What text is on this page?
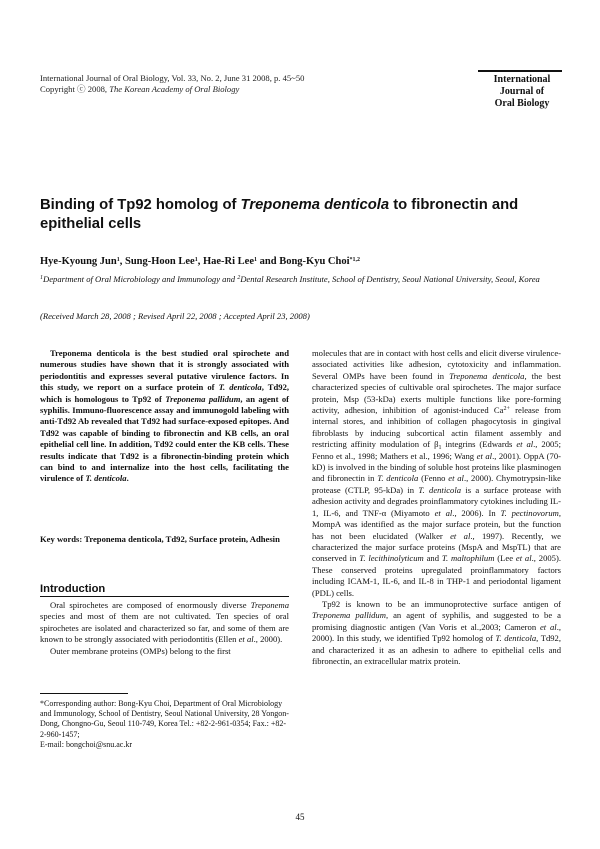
International Journal of Oral Biology, Vol. 33, No. 2, June 31 2008, p. 45~50
Copyright ⓒ 2008, The Korean Academy of Oral Biology
International
Journal of
Oral Biology
Binding of Tp92 homolog of Treponema denticola to fibronectin and epithelial cells
Hye-Kyoung Jun$^1$, Sung-Hoon Lee$^1$, Hae-Ri Lee$^1$ and Bong-Kyu Choi$^{*1,2}$
$^1$Department of Oral Microbiology and Immunology and $^2$Dental Research Institute, School of Dentistry, Seoul National University, Seoul, Korea
(Received March 28, 2008 ; Revised April 22, 2008 ; Accepted April 23, 2008)
Treponema denticola is the best studied oral spirochete and numerous studies have shown that it is strongly associated with periodontitis and expresses several putative virulence factors. In this study, we report on a surface protein of T. denticola, Td92, which is homologous to Tp92 of Treponema pallidum, an agent of syphilis. Immuno-fluorescence assay and immunogold labeling with anti-Td92 Ab revealed that Td92 had surface-exposed epitopes. And Td92 was capable of binding to fibronectin and KB cells, an oral epithelial cell line. In addition, Td92 could enter the KB cells. These results indicate that Td92 is a fibronectin-binding protein which can bind to and internalize into the host cells, facilitating the virulence of T. denticola.
Key words: Treponema denticola, Td92, Surface protein, Adhesin
Introduction

Oral spirochetes are composed of enormously diverse Treponema species and most of them are not cultivated. Ten species of oral spirochetes are isolated and characterized so far, and some of them are known to be strongly associated with periodontitis (Ellen et al., 2000).

Outer membrane proteins (OMPs) belong to the first

*Corresponding author: Bong-Kyu Choi, Department of Oral Microbiology and Immunology, School of Dentistry, Seoul National University, 28 Yongon-Dong, Chongno-Gu, Seoul 110-749, Korea Tel.: +82-2-961-0354; Fax.: +82-2-960-1457;
E-mail: bongchoi@snu.ac.kr

molecules that are in contact with host cells and elicit diverse virulence-associated activities like adhesion, cytotoxicity and inflammation. Several OMPs have been found in Treponema denticola, the best characterized species of cultivable oral spirochetes. The major surface protein, Msp (53-kDa) exerts multiple functions like pore-forming activity, adhesion, inhibition of agonist-induced $Ca^{2+}$ release from internal stores, and inhibition of collagen phagocytosis in gingival fibroblasts by inducing subcortical actin filament assembly and restricting affinity modulation of $\beta_1$ integrins (Edwards et al., 2005; Fenno et al., 1998; Mathers et al., 1996; Wang et al., 2001). OppA (70-kD) is involved in the binding of soluble host proteins like plasminogen and fibronectin in T. denticola (Fenno et al., 2000). Chymotrypsin-like protease (CTLP, 95-kDa) in T. denticola is a surface protease with adhesion activity and degrades proinflammatory cytokines including IL-1, IL-6, and TNF-α (Miyamoto et al., 2006). In T. pectinovorum, MompA was identified as the major surface protein, but the function has not been elucidated (Walker et al., 1997). Recently, we characterized the major surface proteins (MspA and MspTL) that are conserved in T. lecithinolyticum and T. maltophilum (Lee et al., 2005). These conserved proteins upregulated proinflammatory factors including ICAM-1, IL-6, and IL-8 in THP-1 and periodontal ligament (PDL) cells.

Tp92 is known to be an immunoprotective surface antigen of Treponema pallidum, an agent of syphilis, and suggested to be a promising diagnostic antigen (Van Voris et al.,2003; Cameron et al., 2000). In this study, we identified Tp92 homolog of T. denticola, Td92, and characterized it as an adhesin to adhere to epithelial cells and fibronectin, an extracellular matrix protein.

45
